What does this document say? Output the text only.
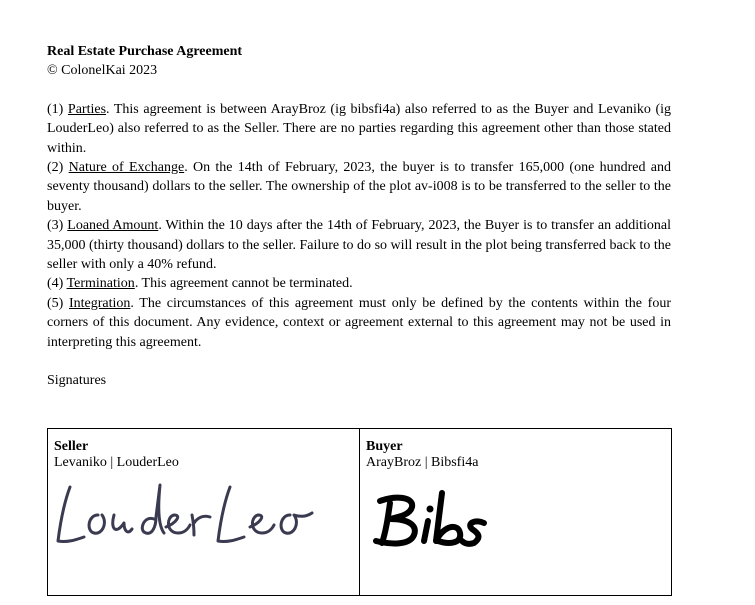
Real Estate Purchase Agreement
© ColonelKai 2023

(1) Parties. This agreement is between ArayBroz (ig bibsfi4a) also referred to as the Buyer and Levaniko (ig LouderLeo) also referred to as the Seller. There are no parties regarding this agreement other than those stated within.

(2) Nature of Exchange. On the 14th of February, 2023, the buyer is to transfer 165,000 (one hundred and seventy thousand) dollars to the seller. The ownership of the plot av-i008 is to be transferred to the seller to the buyer.

(3) Loaned Amount. Within the 10 days after the 14th of February, 2023, the Buyer is to transfer an additional 35,000 (thirty thousand) dollars to the seller. Failure to do so will result in the plot being transferred back to the seller with only a 40% refund.

(4) Termination. This agreement cannot be terminated.

(5) Integration. The circumstances of this agreement must only be defined by the contents within the four corners of this document. Any evidence, context or agreement external to this agreement may not be used in interpreting this agreement.

Signatures
Seller
Levaniko | LouderLeo

Buyer
ArayBroz | Bibsfi4a
